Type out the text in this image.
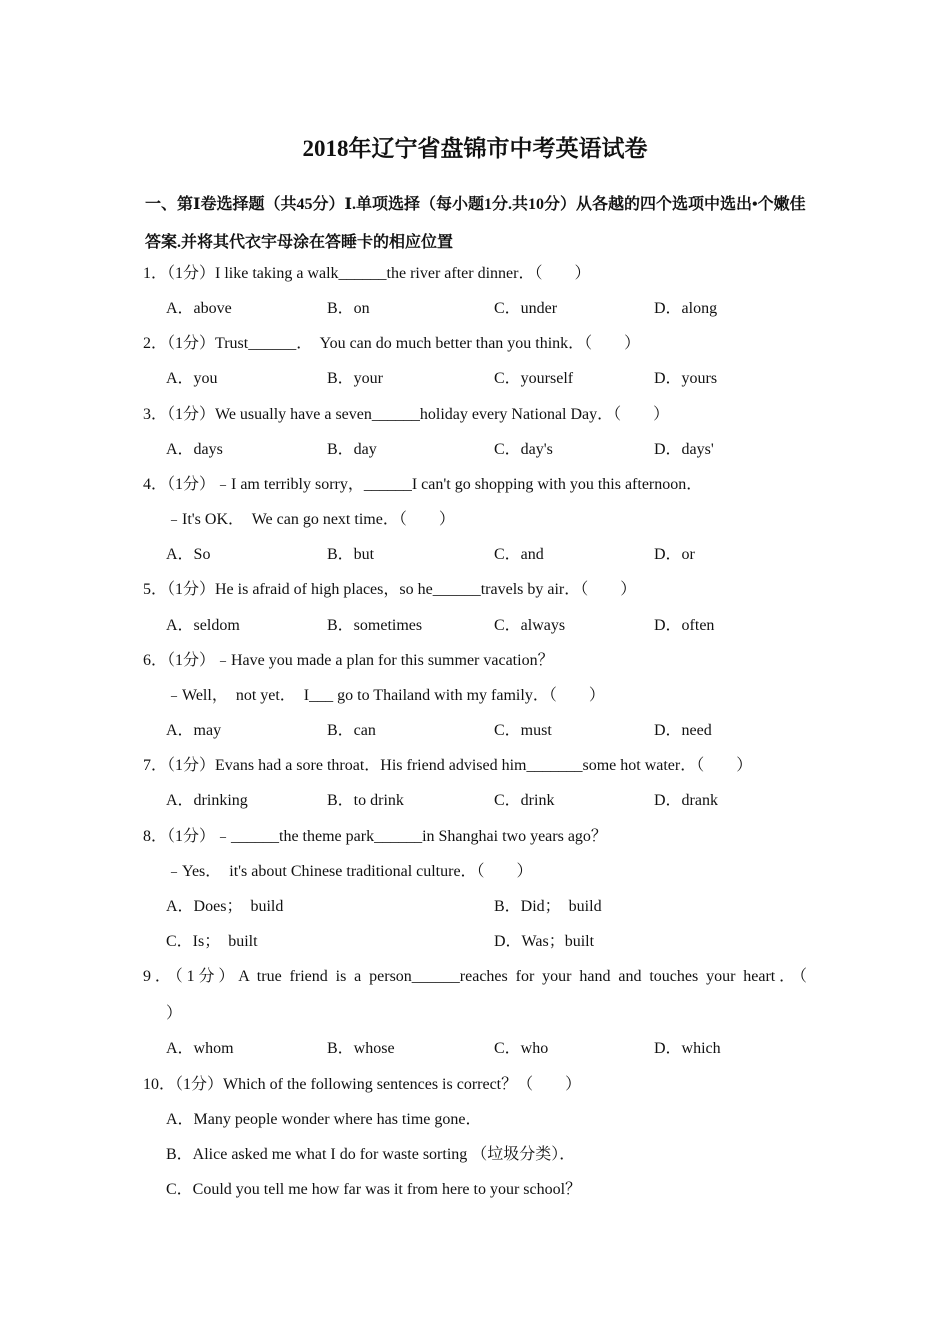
2018年辽宁省盘锦市中考英语试卷
一、第Ⅰ卷选择题（共45分）Ⅰ.单项选择（每小题1分.共10分）从各越的四个选项中选出•个嫩佳答案.并将其代衣宇母涂在答睡卡的相应位置
1．（1分）I like taking a walk______the river after dinner．（　　）
A．above	B．on	C．under	D．along
2．（1分）Trust______．  You can do much better than you think．（　　）
A．you	B．your	C．yourself	D．yours
3．（1分）We usually have a seven______holiday every National Day．（　　）
A．days	B．day	C．day's	D．days'
4．（1分）﹣I am terribly sorry，______I can't go shopping with you this afternoon．
﹣It's OK．  We can go next time．（　　）
A．So	B．but	C．and	D．or
5．（1分）He is afraid of high places，so he______travels by air．（　　）
A．seldom	B．sometimes	C．always	D．often
6．（1分）﹣Have you made a plan for this summer vacation？
﹣Well，  not yet．  I___ go to Thailand with my family．（　　）
A．may	B．can	C．must	D．need
7．（1分）Evans had a sore throat．His friend advised him_______some hot water．（　　）
A．drinking	B．to drink	C．drink	D．drank
8．（1分）﹣______the theme park______in Shanghai two years ago？
﹣Yes．  it's about Chinese traditional culture．（　　）
A．Does；  build	B．Did；  build
C．Is；  built	D．Was；built
9．（1分）A true friend is a person______reaches for your hand and touches your heart．（
）
A．whom	B．whose	C．who	D．which
10．（1分）Which of the following sentences is correct？（　　）
A．Many people wonder where has time gone．
B．Alice asked me what I do for waste sorting （垃圾分类）．
C．Could you tell me how far was it from here to your school？
